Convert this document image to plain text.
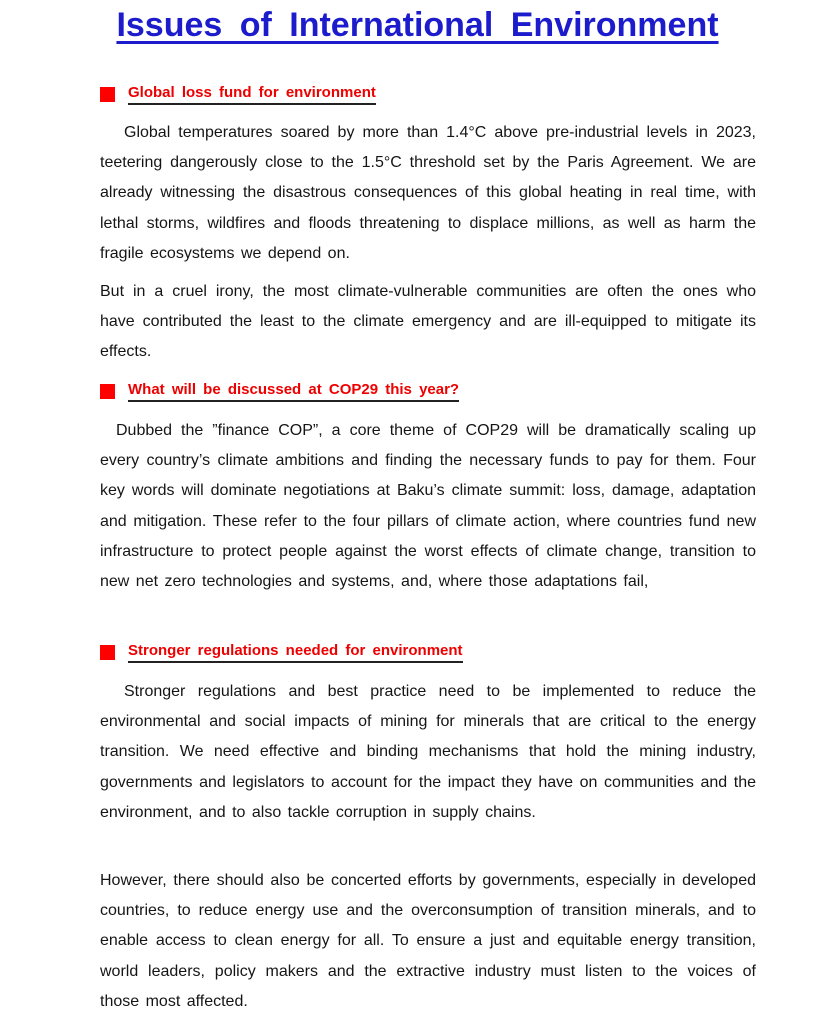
Issues of International Environment
Global loss fund for environment

Global temperatures soared by more than 1.4°C above pre-industrial levels in 2023, teetering dangerously close to the 1.5°C threshold set by the Paris Agreement. We are already witnessing the disastrous consequences of this global heating in real time, with lethal storms, wildfires and floods threatening to displace millions, as well as harm the fragile ecosystems we depend on.

But in a cruel irony, the most climate-vulnerable communities are often the ones who have contributed the least to the climate emergency and are ill-equipped to mitigate its effects.

What will be discussed at COP29 this year?

Dubbed the ”finance COP”, a core theme of COP29 will be dramatically scaling up every country’s climate ambitions and finding the necessary funds to pay for them. Four key words will dominate negotiations at Baku’s climate summit: loss, damage, adaptation and mitigation. These refer to the four pillars of climate action, where countries fund new infrastructure to protect people against the worst effects of climate change, transition to new net zero technologies and systems, and, where those adaptations fail,

Stronger regulations needed for environment

Stronger regulations and best practice need to be implemented to reduce the environmental and social impacts of mining for minerals that are critical to the energy transition. We need effective and binding mechanisms that hold the mining industry, governments and legislators to account for the impact they have on communities and the environment, and to also tackle corruption in supply chains.

However, there should also be concerted efforts by governments, especially in developed countries, to reduce energy use and the overconsumption of transition minerals, and to enable access to clean energy for all. To ensure a just and equitable energy transition, world leaders, policy makers and the extractive industry must listen to the voices of those most affected.
